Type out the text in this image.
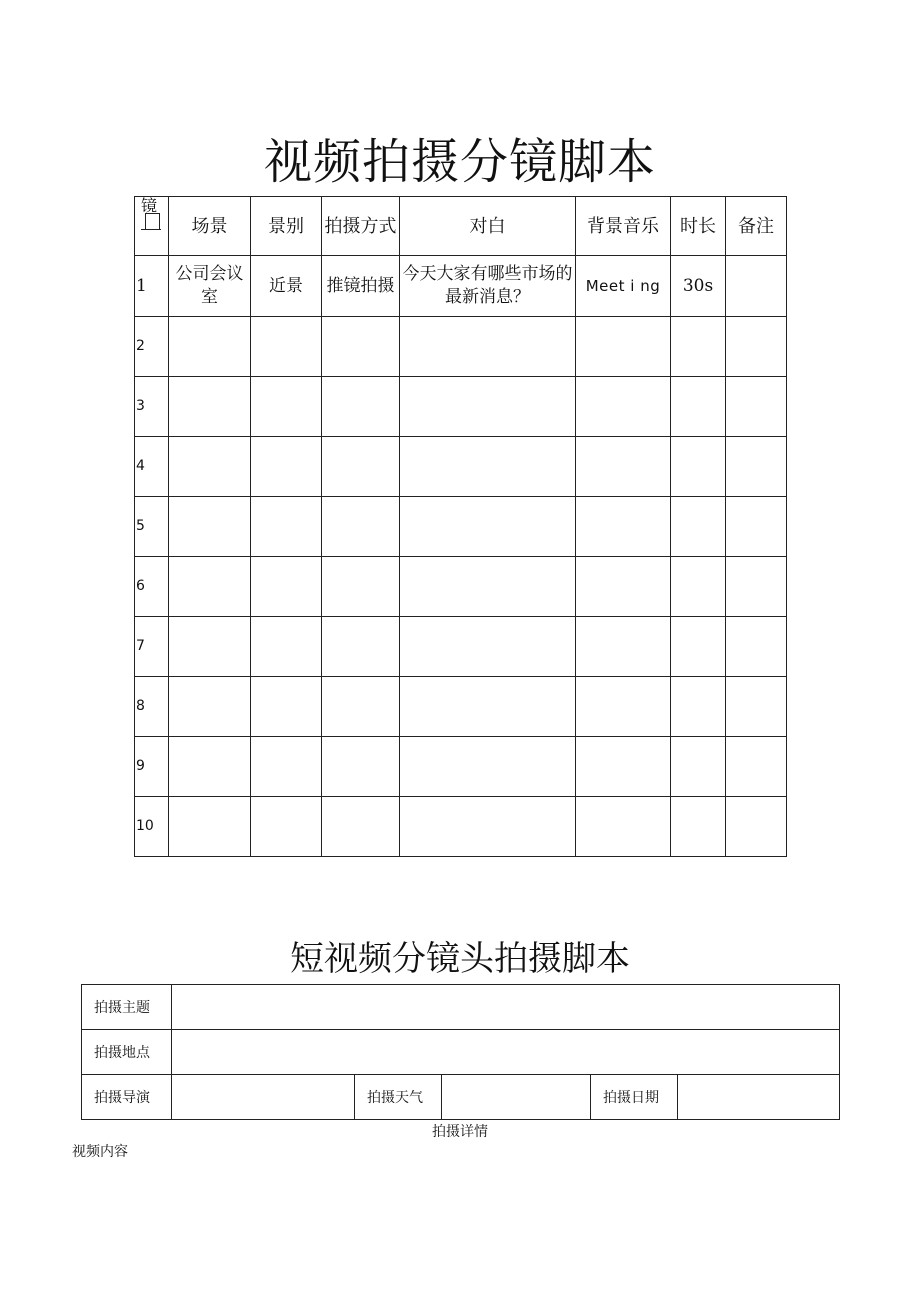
视频拍摄分镜脚本
镜	场景	景别	拍摄方式	对白	背景音乐	时长	备注
1	公司会议室	近景	推镜拍摄	今天大家有哪些市场的最新消息？	Meet i ng	30s	
2							
3							
4							
5							
6							
7							
8							
9							
10							
短视频分镜头拍摄脚本
拍摄主题					
拍摄地点					
拍摄导演		拍摄天气		拍摄日期	
拍摄详情
视频内容
